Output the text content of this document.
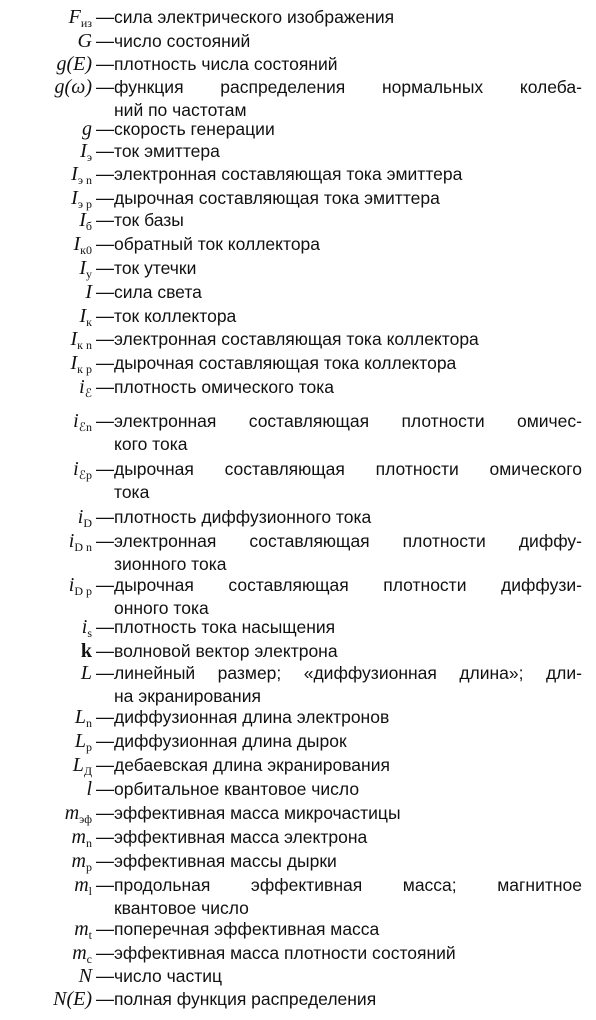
$F_{из}$ — сила электрического изображения
G — число состояний
g(E) — плотность числа состояний
g(ω) — функция распределения нормальных колеба-
ний по частотам
g — скорость генерации
$I_э$ — ток эмиттера
$I_{э n}$ — электронная составляющая тока эмиттера
$I_{э p}$ — дырочная составляющая тока эмиттера
$I_б$ — ток базы
$I_{к0}$ — обратный ток коллектора
$I_у$ — ток утечки
I — сила света
$I_к$ — ток коллектора
$I_{к n}$ — электронная составляющая тока коллектора
$I_{к p}$ — дырочная составляющая тока коллектора
$i_ℰ$ — плотность омического тока
$i_{ℰn}$ — электронная составляющая плотности омичес-
кого тока
$i_{ℰp}$ — дырочная составляющая плотности омического
тока
$i_D$ — плотность диффузионного тока
$i_{D n}$ — электронная составляющая плотности диффу-
зионного тока
$i_{D p}$ — дырочная составляющая плотности диффузи-
онного тока
$i_s$ — плотность тока насыщения
k — волновой вектор электрона
L — линейный размер; «диффузионная длина»; дли-
на экранирования
$L_n$ — диффузионная длина электронов
$L_p$ — диффузионная длина дырок
$L_Д$ — дебаевская длина экранирования
l — орбитальное квантовое число
$m_{эф}$ — эффективная масса микрочастицы
$m_n$ — эффективная масса электрона
$m_p$ — эффективная массы дырки
$m_l$ — продольная эффективная масса; магнитное
квантовое число
$m_t$ — поперечная эффективная масса
$m_c$ — эффективная масса плотности состояний
N — число частиц
N(E) — полная функция распределения
